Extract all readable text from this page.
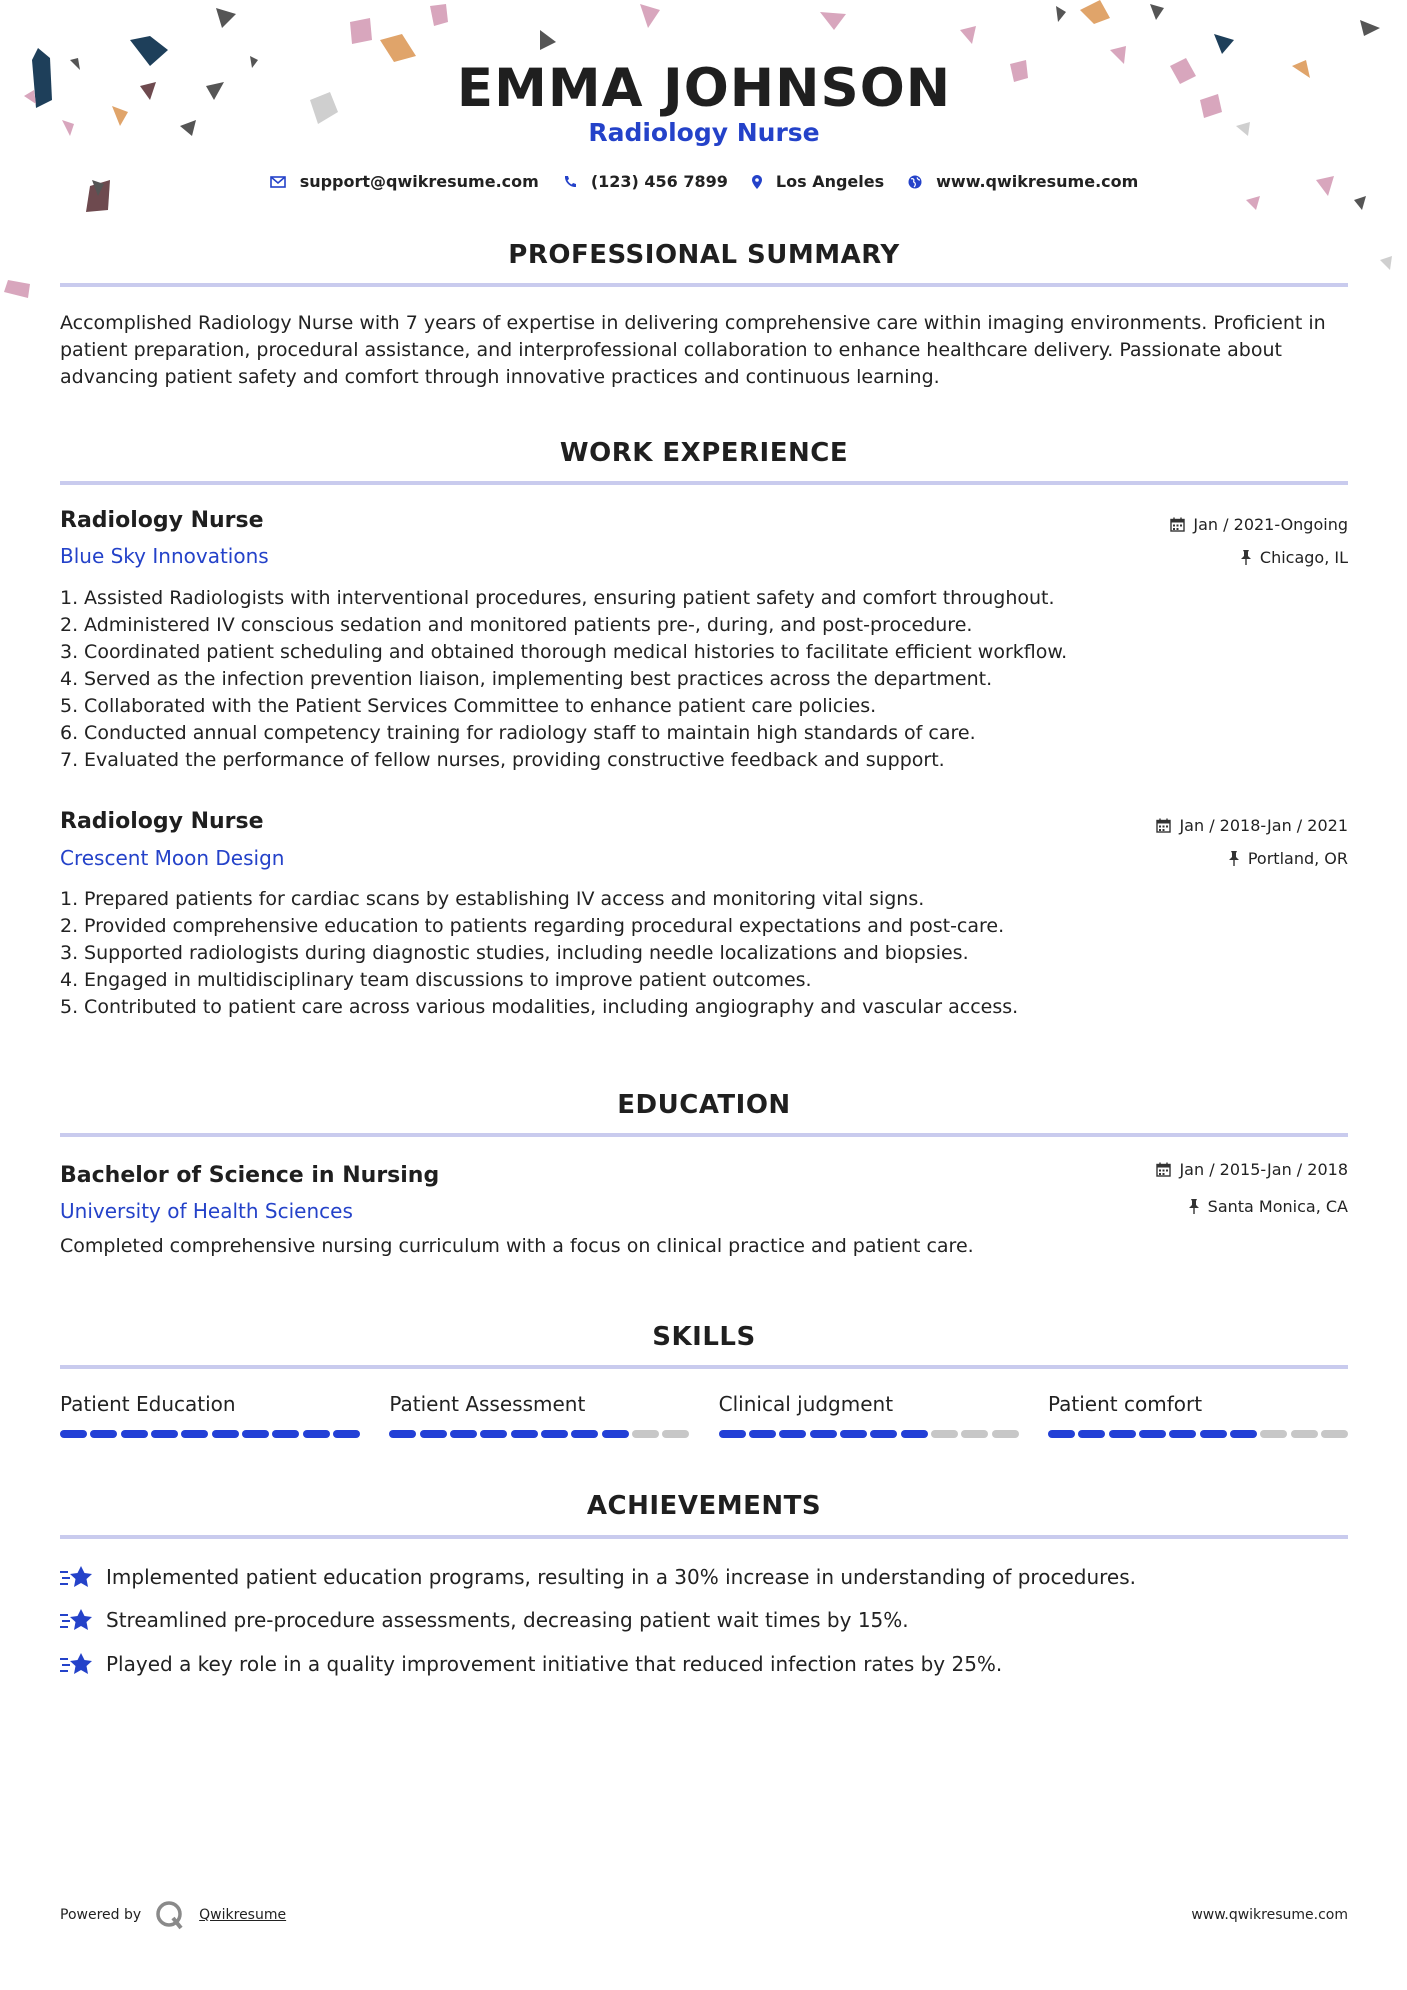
EMMA JOHNSON
Radiology Nurse
support@qwikresume.com	(123) 456 7899	Los Angeles	www.qwikresume.com
PROFESSIONAL SUMMARY
Accomplished Radiology Nurse with 7 years of expertise in delivering comprehensive care within imaging environments. Proficient in patient preparation, procedural assistance, and interprofessional collaboration to enhance healthcare delivery. Passionate about advancing patient safety and comfort through innovative practices and continuous learning.
WORK EXPERIENCE
Radiology Nurse
Blue Sky Innovations
Jan / 2021-Ongoing
Chicago, IL
1.
Assisted Radiologists with interventional procedures, ensuring patient safety and comfort throughout.
2.
Administered IV conscious sedation and monitored patients pre-, during, and post-procedure.
3.
Coordinated patient scheduling and obtained thorough medical histories to facilitate efficient workflow.
4.
Served as the infection prevention liaison, implementing best practices across the department.
5.
Collaborated with the Patient Services Committee to enhance patient care policies.
6.
Conducted annual competency training for radiology staff to maintain high standards of care.
7.
Evaluated the performance of fellow nurses, providing constructive feedback and support.
Radiology Nurse
Crescent Moon Design
Jan / 2018-Jan / 2021
Portland, OR
1.
Prepared patients for cardiac scans by establishing IV access and monitoring vital signs.
2.
Provided comprehensive education to patients regarding procedural expectations and post-care.
3.
Supported radiologists during diagnostic studies, including needle localizations and biopsies.
4.
Engaged in multidisciplinary team discussions to improve patient outcomes.
5.
Contributed to patient care across various modalities, including angiography and vascular access.
EDUCATION
Bachelor of Science in Nursing
University of Health Sciences
Jan / 2015-Jan / 2018
Santa Monica, CA
Completed comprehensive nursing curriculum with a focus on clinical practice and patient care.
SKILLS
Patient Education	Patient Assessment	Clinical judgment	Patient comfort
ACHIEVEMENTS
Implemented patient education programs, resulting in a 30% increase in understanding of procedures.
Streamlined pre-procedure assessments, decreasing patient wait times by 15%.
Played a key role in a quality improvement initiative that reduced infection rates by 25%.
Powered by	Qwikresume	www.qwikresume.com
